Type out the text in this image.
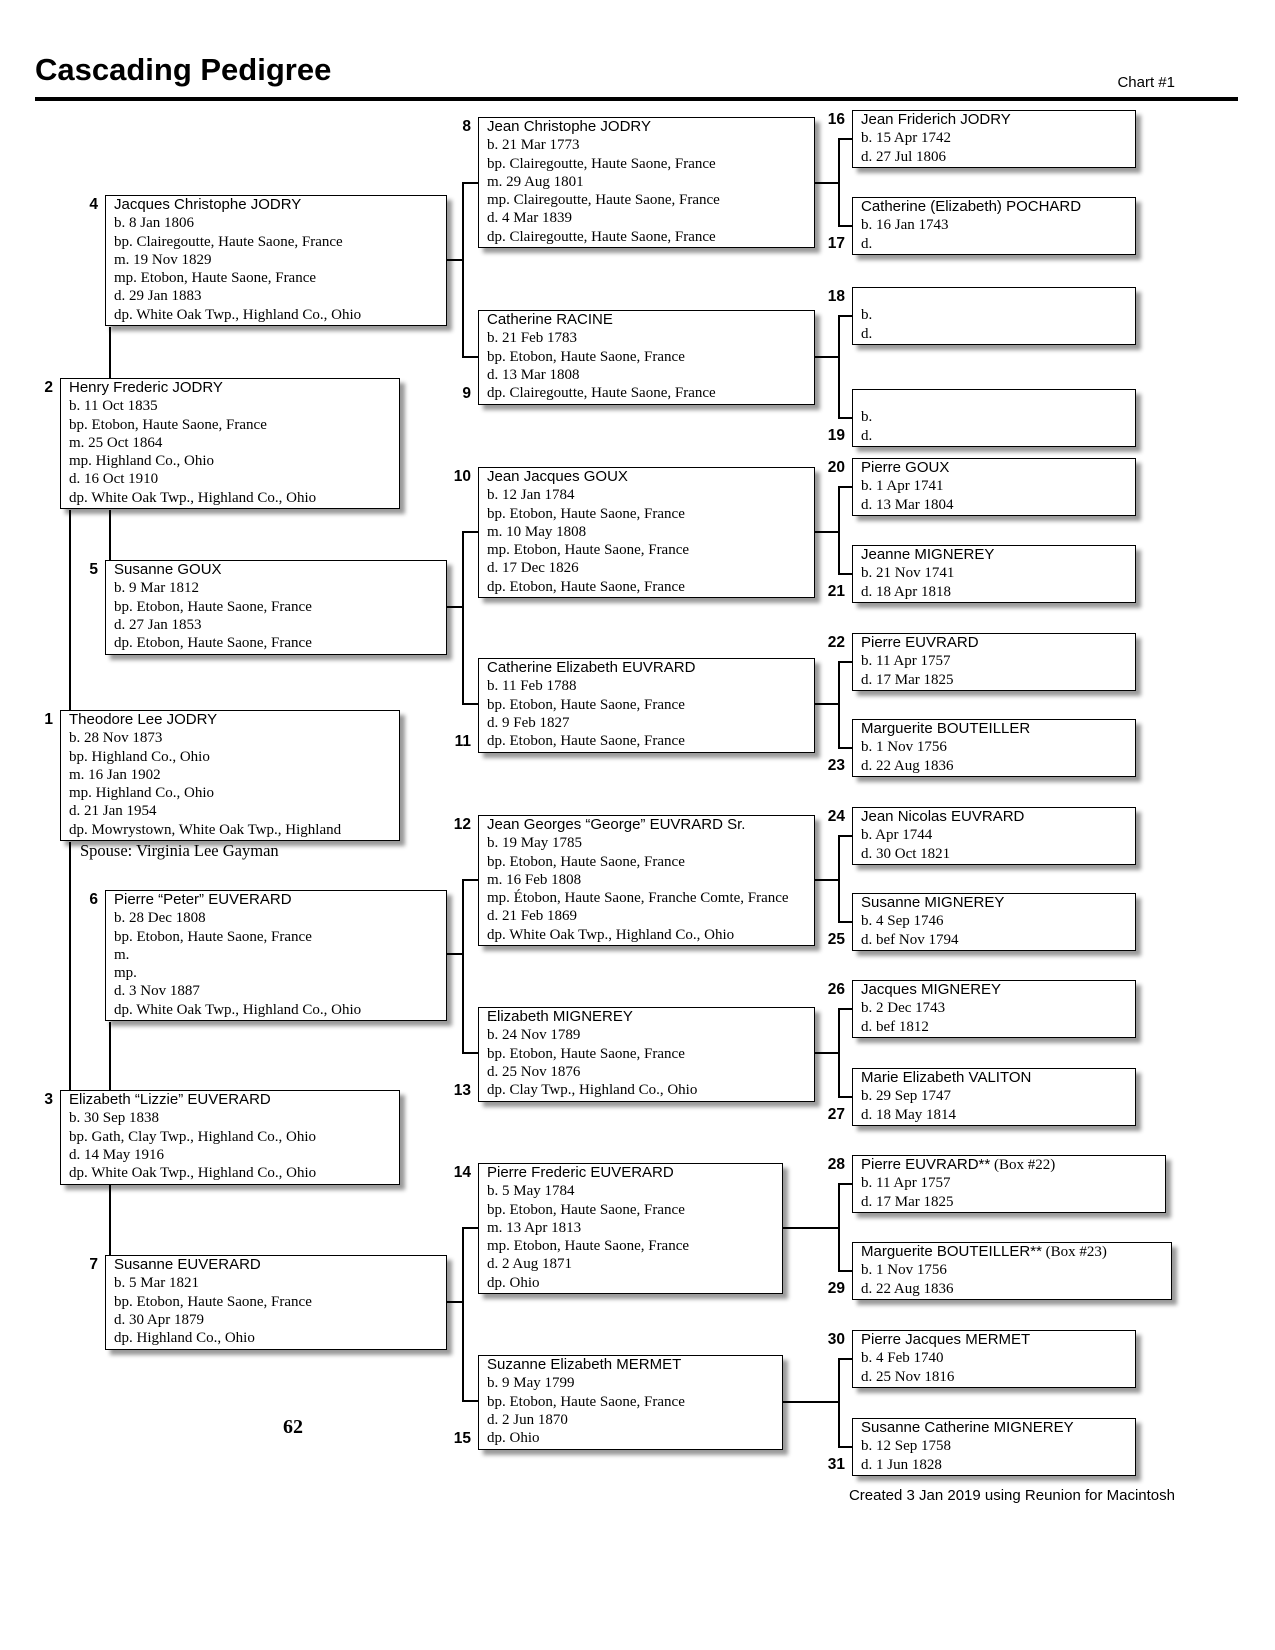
Cascading Pedigree	Chart #1
4 Jacques Christophe JODRY
b. 8 Jan 1806
bp. Clairegoutte, Haute Saone, France
m. 19 Nov 1829
mp. Etobon, Haute Saone, France
d. 29 Jan 1883
dp. White Oak Twp., Highland Co., Ohio
2 Henry Frederic JODRY
b. 11 Oct 1835
bp. Etobon, Haute Saone, France
m. 25 Oct 1864
mp. Highland Co., Ohio
d. 16 Oct 1910
dp. White Oak Twp., Highland Co., Ohio
5 Susanne GOUX
b. 9 Mar 1812
bp. Etobon, Haute Saone, France
d. 27 Jan 1853
dp. Etobon, Haute Saone, France
1 Theodore Lee JODRY
b. 28 Nov 1873
bp. Highland Co., Ohio
m. 16 Jan 1902
mp. Highland Co., Ohio
d. 21 Jan 1954
dp. Mowrystown, White Oak Twp., Highland
Spouse: Virginia Lee Gayman
6 Pierre “Peter” EUVERARD
b. 28 Dec 1808
bp. Etobon, Haute Saone, France
m.
mp.
d. 3 Nov 1887
dp. White Oak Twp., Highland Co., Ohio
3 Elizabeth “Lizzie” EUVERARD
b. 30 Sep 1838
bp. Gath, Clay Twp., Highland Co., Ohio
d. 14 May 1916
dp. White Oak Twp., Highland Co., Ohio
7 Susanne EUVERARD
b. 5 Mar 1821
bp. Etobon, Haute Saone, France
d. 30 Apr 1879
dp. Highland Co., Ohio
8 Jean Christophe JODRY
b. 21 Mar 1773
bp. Clairegoutte, Haute Saone, France
m. 29 Aug 1801
mp. Clairegoutte, Haute Saone, France
d. 4 Mar 1839
dp. Clairegoutte, Haute Saone, France
9
Catherine RACINE
b. 21 Feb 1783
bp. Etobon, Haute Saone, France
d. 13 Mar 1808
dp. Clairegoutte, Haute Saone, France
10 Jean Jacques GOUX
b. 12 Jan 1784
bp. Etobon, Haute Saone, France
m. 10 May 1808
mp. Etobon, Haute Saone, France
d. 17 Dec 1826
dp. Etobon, Haute Saone, France
11
Catherine Elizabeth EUVRARD
b. 11 Feb 1788
bp. Etobon, Haute Saone, France
d. 9 Feb 1827
dp. Etobon, Haute Saone, France
12 Jean Georges “George” EUVRARD Sr.
b. 19 May 1785
bp. Etobon, Haute Saone, France
m. 16 Feb 1808
mp. Étobon, Haute Saone, Franche Comte, France
d. 21 Feb 1869
dp. White Oak Twp., Highland Co., Ohio
13
Elizabeth MIGNEREY
b. 24 Nov 1789
bp. Etobon, Haute Saone, France
d. 25 Nov 1876
dp. Clay Twp., Highland Co., Ohio
14 Pierre Frederic EUVERARD
b. 5 May 1784
bp. Etobon, Haute Saone, France
m. 13 Apr 1813
mp. Etobon, Haute Saone, France
d. 2 Aug 1871
dp. Ohio
15
Suzanne Elizabeth MERMET
b. 9 May 1799
bp. Etobon, Haute Saone, France
d. 2 Jun 1870
dp. Ohio
16 Jean Friderich JODRY
b. 15 Apr 1742
d. 27 Jul 1806
17
Catherine (Elizabeth) POCHARD
b. 16 Jan 1743
d.
18
b.
d.
19
b.
d.
20 Pierre GOUX
b. 1 Apr 1741
d. 13 Mar 1804
21
Jeanne MIGNEREY
b. 21 Nov 1741
d. 18 Apr 1818
22 Pierre EUVRARD
b. 11 Apr 1757
d. 17 Mar 1825
23
Marguerite BOUTEILLER
b. 1 Nov 1756
d. 22 Aug 1836
24 Jean Nicolas EUVRARD
b. Apr 1744
d. 30 Oct 1821
25
Susanne MIGNEREY
b. 4 Sep 1746
d. bef Nov 1794
26 Jacques MIGNEREY
b. 2 Dec 1743
d. bef 1812
27
Marie Elizabeth VALITON
b. 29 Sep 1747
d. 18 May 1814
28 Pierre EUVRARD** (Box #22)
b. 11 Apr 1757
d. 17 Mar 1825
29
Marguerite BOUTEILLER** (Box #23)
b. 1 Nov 1756
d. 22 Aug 1836
30 Pierre Jacques MERMET
b. 4 Feb 1740
d. 25 Nov 1816
31
Susanne Catherine MIGNEREY
b. 12 Sep 1758
d. 1 Jun 1828
62
Created 3 Jan 2019 using Reunion for Macintosh
